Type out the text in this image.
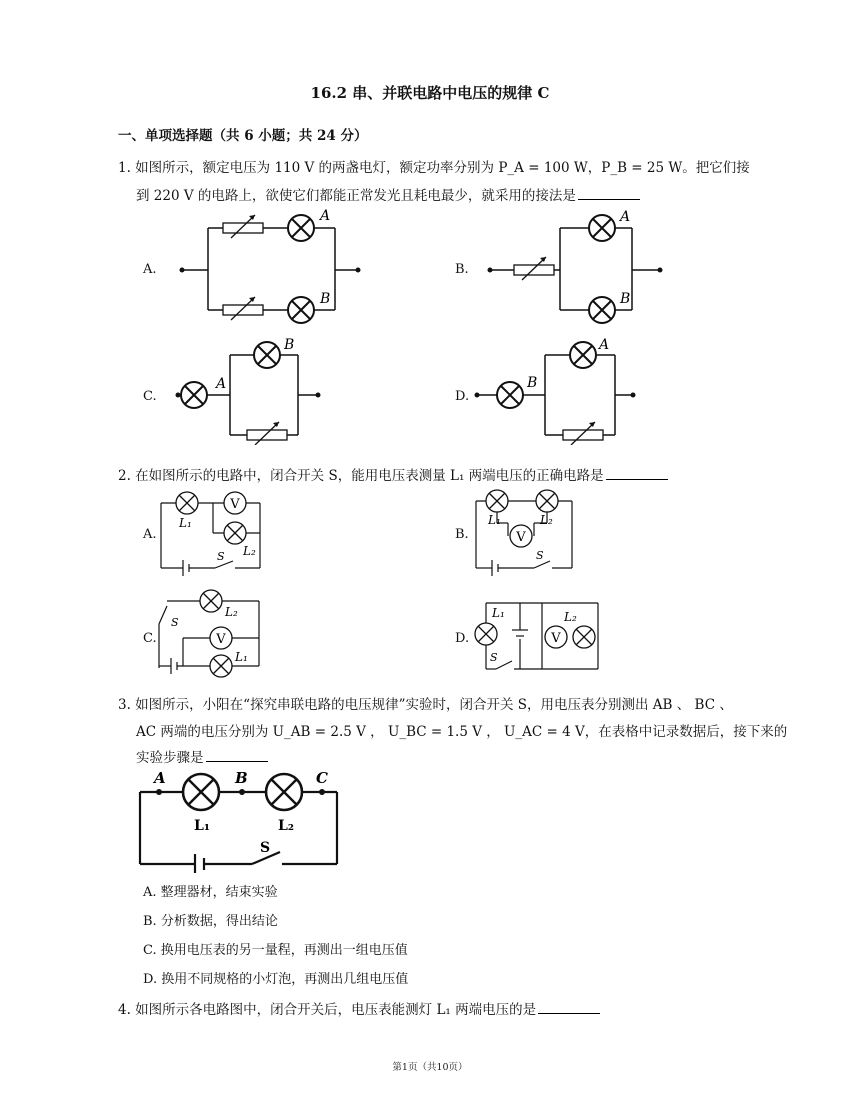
16.2 串、并联电路中电压的规律 C
一、单项选择题（共 6 小题；共 24 分）
1. 如图所示，额定电压为 110 V 的两盏电灯，额定功率分别为 P_A = 100 W，P_B = 25 W。把它们接
到 220 V 的电路上，欲使它们都能正常发光且耗电最少，就采用的接法是
A.	B.
C.	D.
A
B
A
B
A
B
B
A
2. 在如图所示的电路中，闭合开关 S，能用电压表测量 L₁ 两端电压的正确电路是
A.	B.
C.	D.
V
L₁
L₂
S
V
L₁	L₂
S
V
L₂
L₁
S
V
L₁	L₂
S
3. 如图所示，小阳在“探究串联电路的电压规律”实验时，闭合开关 S，用电压表分别测出 AB 、 BC 、
AC 两端的电压分别为 U_AB = 2.5 V ， U_BC = 1.5 V ， U_AC = 4 V，在表格中记录数据后，接下来的
实验步骤是
A	B	C
L₁	L₂
S
A. 整理器材，结束实验
B. 分析数据，得出结论
C. 换用电压表的另一量程，再测出一组电压值
D. 换用不同规格的小灯泡，再测出几组电压值
4. 如图所示各电路图中，闭合开关后，电压表能测灯 L₁ 两端电压的是
第1页（共10页）
